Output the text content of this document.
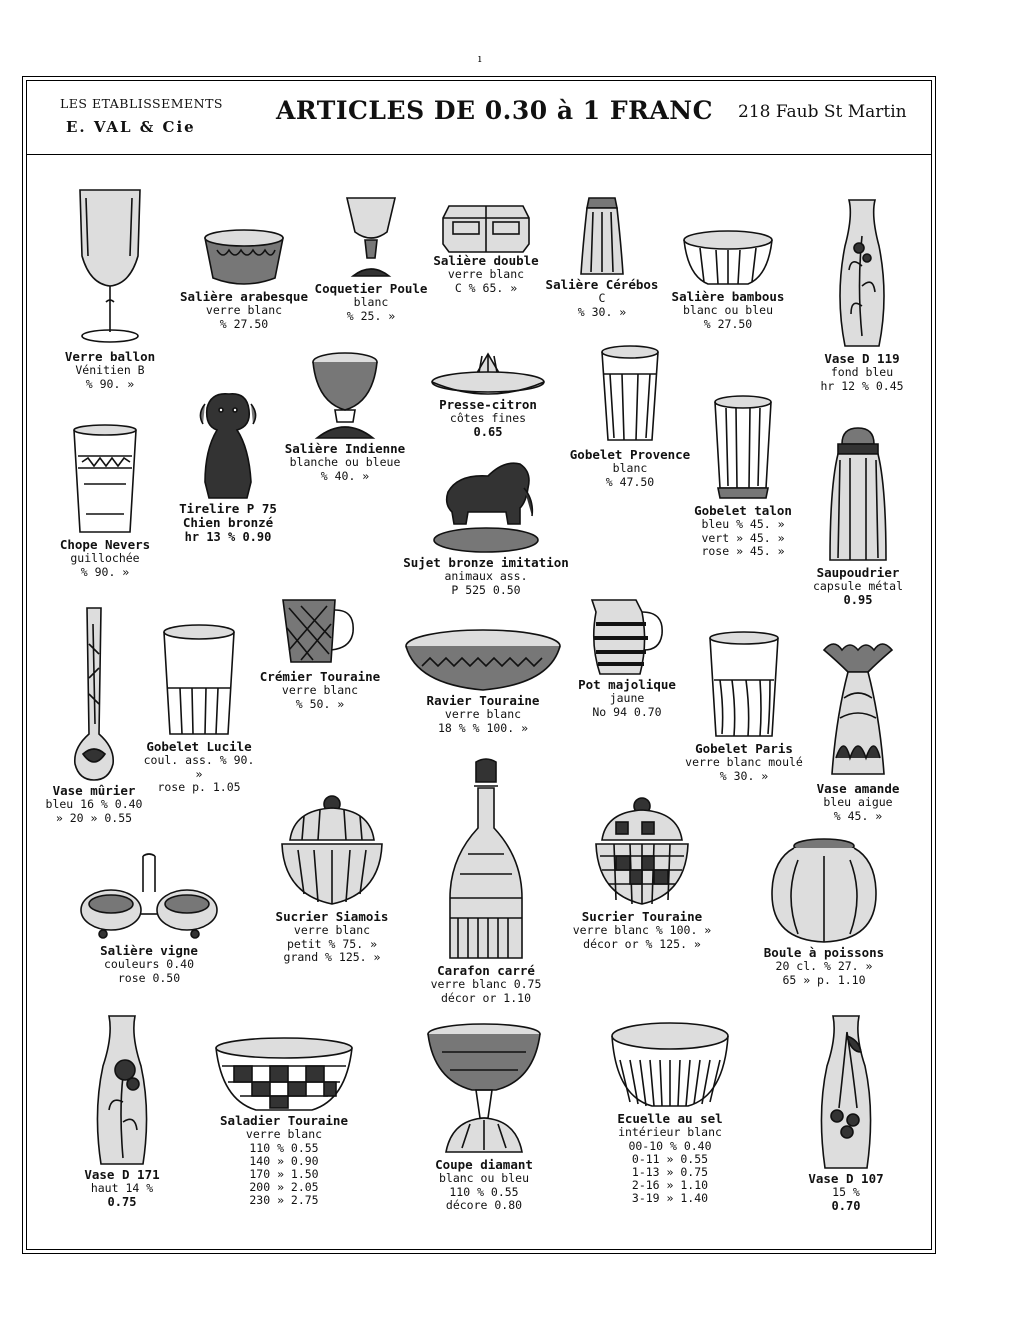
ı
LES ETABLISSEMENTS
E. VAL & Cie
ARTICLES DE 0.30 à 1 FRANC 218 Faub St Martin
Verre ballon
Vénitien B
% 90. »
Salière arabesque
verre blanc
% 27.50
Coquetier Poule
blanc
% 25. »
Salière double
verre blanc
C % 65. »	Salière Cérébos
C
% 30. »
Salière bambous
blanc ou bleu
% 27.50
Vase D 119
fond bleu
hr 12 % 0.45
Salière Indienne
blanche ou bleue
% 40. »
Presse-citron
côtes fines
0.65
Gobelet Provence
blanc
% 47.50
Chope Nevers
guillochée
% 90. »
Tirelire P 75
Chien bronzé
hr 13 % 0.90
Sujet bronze imitation
animaux ass.
P 525 0.50
Gobelet talon
bleu % 45. »
vert » 45. »
rose » 45. »
Saupoudrier
capsule métal
0.95
Crémier Touraine
verre blanc
% 50. »	Ravier Touraine
verre blanc
18 % % 100. »
Pot majolique
jaune
No 94 0.70
Vase mûrier
bleu 16 % 0.40
» 20 » 0.55
Gobelet Lucile
coul. ass. % 90. »
rose p. 1.05
Gobelet Paris
verre blanc moulé
% 30. »
Vase amande
bleu aigue
% 45. »
Salière vigne
couleurs 0.40
rose 0.50
Sucrier Siamois
verre blanc
petit % 75. »
grand % 125. »
Carafon carré
verre blanc 0.75
décor or 1.10
Sucrier Touraine
verre blanc % 100. »
décor or % 125. »
Boule à poissons
20 cl. % 27. »
65 » p. 1.10
Vase D 171
haut 14 %
0.75
Saladier Touraine
verre blanc
110 % 0.55
140 » 0.90
170 » 1.50
200 » 2.05
230 » 2.75
Coupe diamant
blanc ou bleu
110 % 0.55
décore 0.80
Ecuelle au sel
intérieur blanc
00-10 % 0.40
0-11 » 0.55
1-13 » 0.75
2-16 » 1.10
3-19 » 1.40
Vase D 107
15 %
0.70
